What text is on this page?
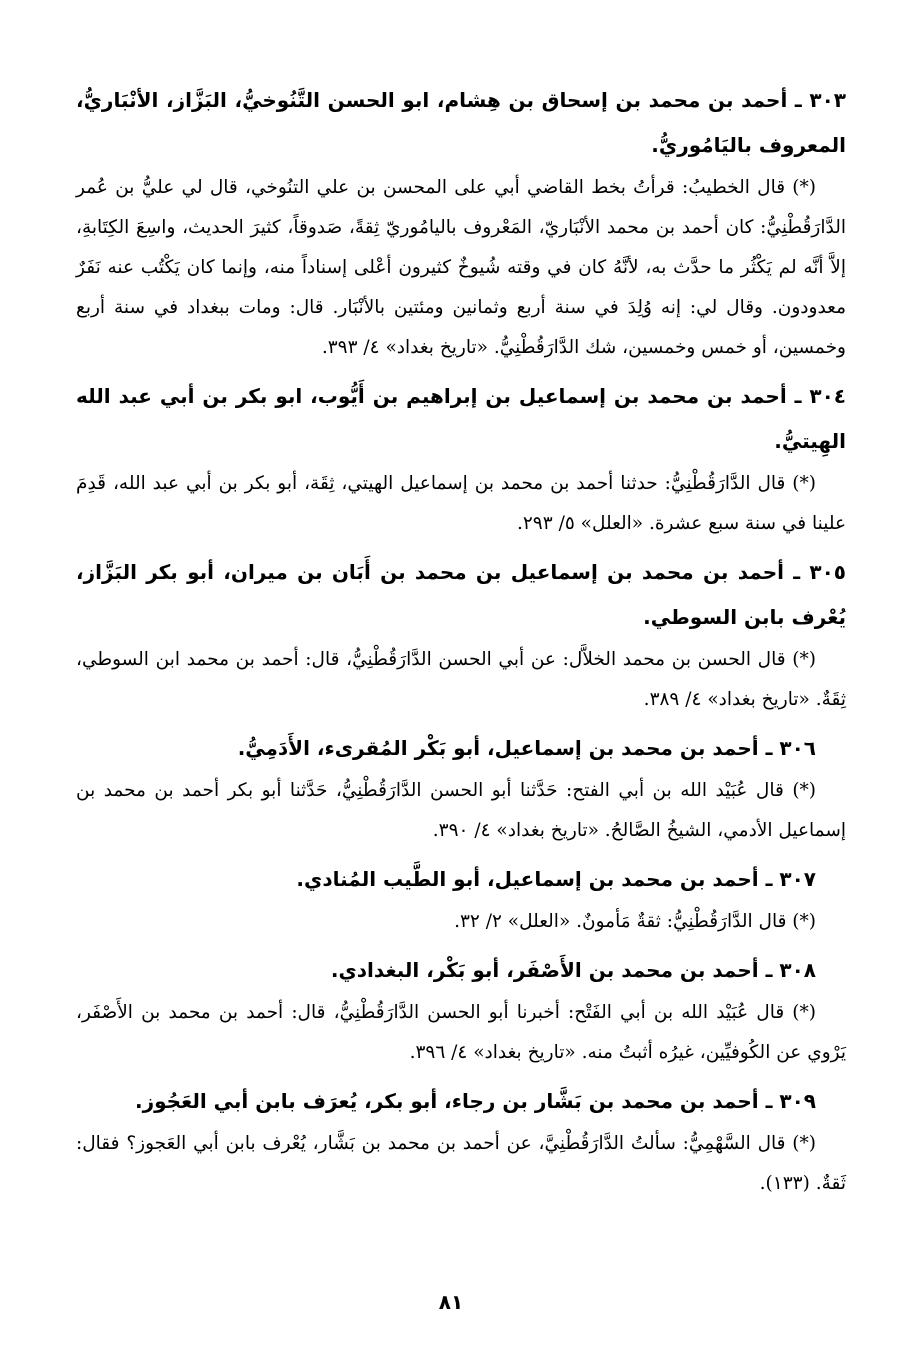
٣٠٣ ـ أحمد بن محمد بن إسحاق بن هِشام، ابو الحسن التَّنُوخيُّ، البَزَّاز، الأنْبَاريُّ، المعروف باليَامُوريُّ.

(*) قال الخطيبُ: قرأتُ بخط القاضي أبي على المحسن بن علي التنُوخي، قال لي عليُّ بن عُمر الدَّارَقُطْنِيُّ: كان أحمد بن محمد الأنْبَاريّ، المَعْروف باليامُوريّ ثِقةً، صَدوقاً، كثيرَ الحديث، واسِعَ الكِتَابةِ، إلاَّ أنَّه لم يَكْثُر ما حدَّث به، لأنَّهُ كان في وقته شُيوخٌ كثيرون أعْلى إسناداً منه، وإنما كان يَكْتُب عنه نَفَرٌ معدودون. وقال لي: إنه وُلِدَ في سنة أربع وثمانين ومئتين بالأنْبَار. قال: ومات ببغداد في سنة أربع وخمسين، أو خمس وخمسين، شك الدَّارَقُطْنِيُّ. «تاريخ بغداد» ٤/ ٣٩٣.

٣٠٤ ـ أحمد بن محمد بن إسماعيل بن إبراهيم بن أَيُّوب، ابو بكر بن أبي عبد الله الهِيتيُّ.

(*) قال الدَّارَقُطْنِيُّ: حدثنا أحمد بن محمد بن إسماعيل الهيتي، ثِقَة، أبو بكر بن أبي عبد الله، قَدِمَ علينا في سنة سبع عشرة. «العلل» ٥/ ٢٩٣.

٣٠٥ ـ أحمد بن محمد بن إسماعيل بن محمد بن أَبَان بن ميران، أبو بكر البَزَّاز، يُعْرف بابن السوطي.

(*) قال الحسن بن محمد الخلاَّل: عن أبي الحسن الدَّارَقُطْنِيُّ، قال: أحمد بن محمد ابن السوطي، ثِقَةٌ. «تاريخ بغداد» ٤/ ٣٨٩.

٣٠٦ ـ أحمد بن محمد بن إسماعيل، أبو بَكْر المُقرىء، الأَدَمِيُّ.

(*) قال عُبَيْد الله بن أبي الفتح: حَدَّثنا أبو الحسن الدَّارَقُطْنِيُّ، حَدَّثنا أبو بكر أحمد بن محمد بن إسماعيل الأدمي، الشيخُ الصَّالحُ. «تاريخ بغداد» ٤/ ٣٩٠.

٣٠٧ ـ أحمد بن محمد بن إسماعيل، أبو الطَّيب المُنادي.

(*) قال الدَّارَقُطْنِيُّ: ثقةٌ مَأمونٌ. «العلل» ٢/ ٣٢.

٣٠٨ ـ أحمد بن محمد بن الأَصْفَر، أبو بَكْر، البغدادي.

(*) قال عُبَيْد الله بن أبي الفَتْح: أخبرنا أبو الحسن الدَّارَقُطْنِيُّ، قال: أحمد بن محمد بن الأَصْفَر، يَرْوي عن الكُوفيِّين، غيرُه أثبتُ منه. «تاريخ بغداد» ٤/ ٣٩٦.

٣٠٩ ـ أحمد بن محمد بن بَشَّار بن رجاء، أبو بكر، يُعرَف بابن أبي العَجُوز.

(*) قال السَّهْمِيُّ: سألتُ الدَّارَقُطْنِيَّ، عن أحمد بن محمد بن بَشَّار، يُعْرف بابن أبي العَجوز؟ فقال: ثَقةٌ. (١٣٣).

٨١
